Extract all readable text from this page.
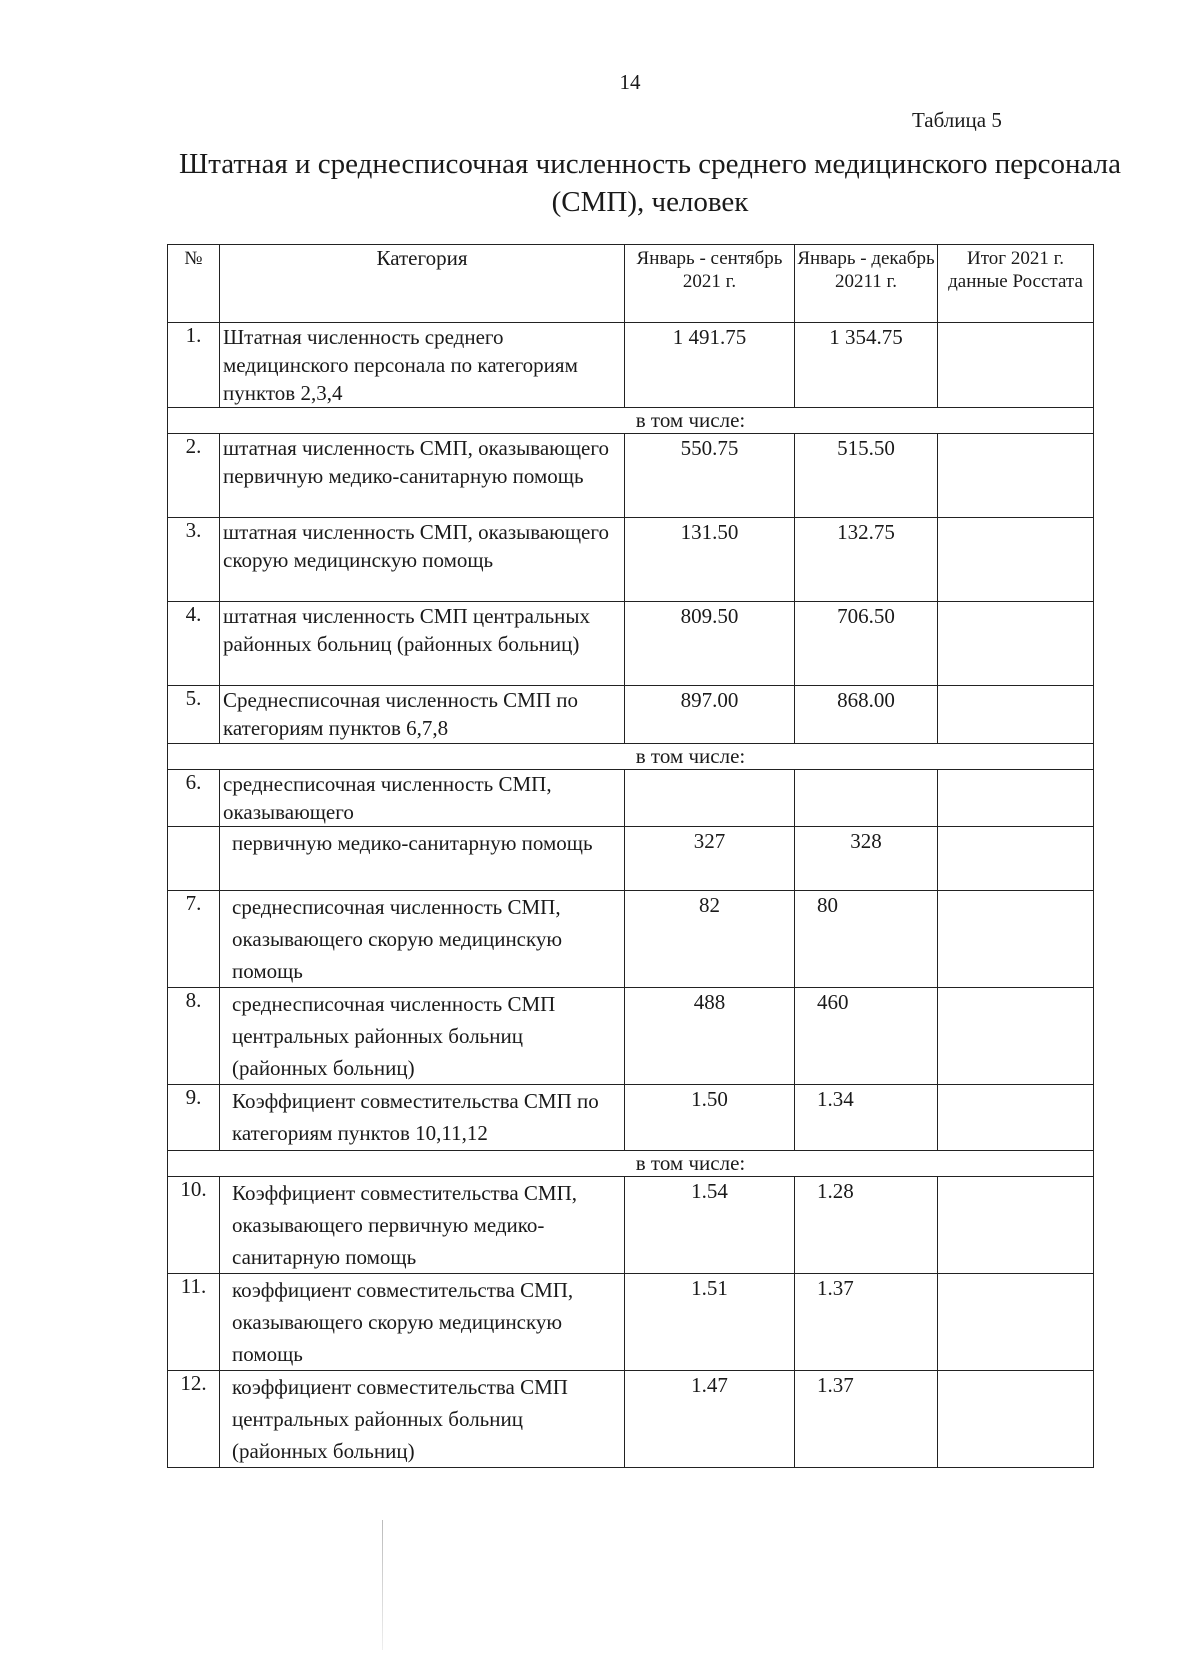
14
Таблица 5
Штатная и среднесписочная численность среднего медицинского персонала (СМП), человек
№	Категория	Январь - сентябрь 2021 г.	Январь - декабрь 20211 г.	Итог 2021 г. данные Росстата
1.	Штатная численность среднего медицинского персонала по категориям пунктов 2,3,4	1 491.75	1 354.75	
в том числе:				
2.	штатная численность СМП, оказывающего первичную медико-санитарную помощь	550.75	515.50	
3.	штатная численность СМП, оказывающего скорую медицинскую помощь	131.50	132.75	
4.	штатная численность СМП центральных районных больниц (районных больниц)	809.50	706.50	
5.	Среднесписочная численность СМП по категориям пунктов 6,7,8	897.00	868.00	
в том числе:				
6.	среднесписочная численность СМП, оказывающего			
	первичную медико-санитарную помощь	327	328	
7.	среднесписочная численность СМП, оказывающего скорую медицинскую помощь	82	80	
8.	среднесписочная численность СМП центральных районных больниц (районных больниц)	488	460	
9.	Коэффициент совместительства СМП по категориям пунктов 10,11,12	1.50	1.34	
в том числе:				
10.	Коэффициент совместительства СМП, оказывающего первичную медико-санитарную помощь	1.54	1.28	
11.	коэффициент совместительства СМП, оказывающего скорую медицинскую помощь	1.51	1.37	
12.	коэффициент совместительства СМП центральных районных больниц (районных больниц)	1.47	1.37	
